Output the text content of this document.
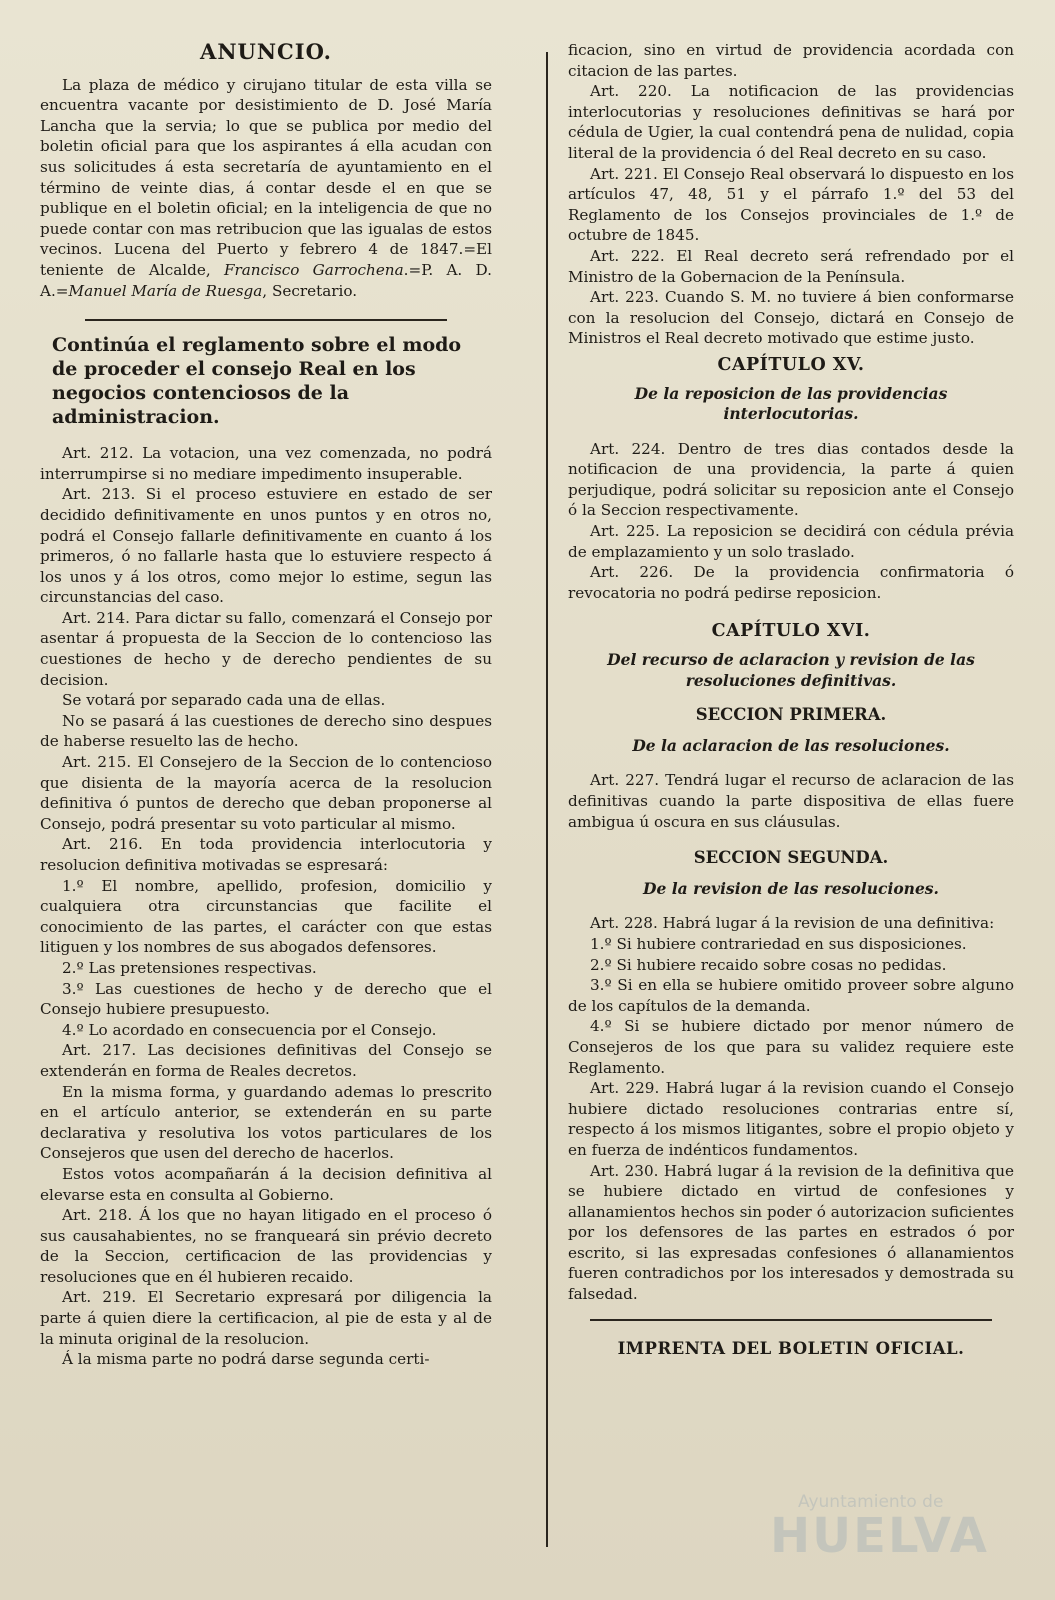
ANUNCIO.

La plaza de médico y cirujano titular de esta villa se encuentra vacante por desistimiento de D. José María Lancha que la servia; lo que se publica por medio del boletin oficial para que los aspirantes á ella acudan con sus solicitudes á esta secretaría de ayuntamiento en el término de veinte dias, á contar desde el en que se publique en el boletin oficial; en la inteligencia de que no puede contar con mas retribucion que las igualas de estos vecinos. Lucena del Puerto y febrero 4 de 1847.=El teniente de Alcalde, Francisco Garrochena.=P. A. D. A.=Manuel María de Ruesga, Secretario.

Continúa el reglamento sobre el modo de proceder el consejo Real en los negocios contenciosos de la administracion.

Art. 212. La votacion, una vez comenzada, no podrá interrumpirse si no mediare impedimento insuperable.

Art. 213. Si el proceso estuviere en estado de ser decidido definitivamente en unos puntos y en otros no, podrá el Consejo fallarle definitivamente en cuanto á los primeros, ó no fallarle hasta que lo estuviere respecto á los unos y á los otros, como mejor lo estime, segun las circunstancias del caso.

Art. 214. Para dictar su fallo, comenzará el Consejo por asentar á propuesta de la Seccion de lo contencioso las cuestiones de hecho y de derecho pendientes de su decision.

Se votará por separado cada una de ellas.

No se pasará á las cuestiones de derecho sino despues de haberse resuelto las de hecho.

Art. 215. El Consejero de la Seccion de lo contencioso que disienta de la mayoría acerca de la resolucion definitiva ó puntos de derecho que deban proponerse al Consejo, podrá presentar su voto particular al mismo.

Art. 216. En toda providencia interlocutoria y resolucion definitiva motivadas se espresará:

1.º El nombre, apellido, profesion, domicilio y cualquiera otra circunstancias que facilite el conocimiento de las partes, el carácter con que estas litiguen y los nombres de sus abogados defensores.

2.º Las pretensiones respectivas.

3.º Las cuestiones de hecho y de derecho que el Consejo hubiere presupuesto.

4.º Lo acordado en consecuencia por el Consejo.

Art. 217. Las decisiones definitivas del Consejo se extenderán en forma de Reales decretos.

En la misma forma, y guardando ademas lo prescrito en el artículo anterior, se extenderán en su parte declarativa y resolutiva los votos particulares de los Consejeros que usen del derecho de hacerlos.

Estos votos acompañarán á la decision definitiva al elevarse esta en consulta al Gobierno.

Art. 218. Á los que no hayan litigado en el proceso ó sus causahabientes, no se franqueará sin prévio decreto de la Seccion, certificacion de las providencias y resoluciones que en él hubieren recaido.

Art. 219. El Secretario expresará por diligencia la parte á quien diere la certificacion, al pie de esta y al de la minuta original de la resolucion.

Á la misma parte no podrá darse segunda certi-

ficacion, sino en virtud de providencia acordada con citacion de las partes.

Art. 220. La notificacion de las providencias interlocutorias y resoluciones definitivas se hará por cédula de Ugier, la cual contendrá pena de nulidad, copia literal de la providencia ó del Real decreto en su caso.

Art. 221. El Consejo Real observará lo dispuesto en los artículos 47, 48, 51 y el párrafo 1.º del 53 del Reglamento de los Consejos provinciales de 1.º de octubre de 1845.

Art. 222. El Real decreto será refrendado por el Ministro de la Gobernacion de la Península.

Art. 223. Cuando S. M. no tuviere á bien conformarse con la resolucion del Consejo, dictará en Consejo de Ministros el Real decreto motivado que estime justo.

CAPÍTULO XV.
De la reposicion de las providencias interlocutorias.

Art. 224. Dentro de tres dias contados desde la notificacion de una providencia, la parte á quien perjudique, podrá solicitar su reposicion ante el Consejo ó la Seccion respectivamente.

Art. 225. La reposicion se decidirá con cédula prévia de emplazamiento y un solo traslado.

Art. 226. De la providencia confirmatoria ó revocatoria no podrá pedirse reposicion.

CAPÍTULO XVI.
Del recurso de aclaracion y revision de las resoluciones definitivas.
SECCION PRIMERA.
De la aclaracion de las resoluciones.

Art. 227. Tendrá lugar el recurso de aclaracion de las definitivas cuando la parte dispositiva de ellas fuere ambigua ú oscura en sus cláusulas.

SECCION SEGUNDA.
De la revision de las resoluciones.

Art. 228. Habrá lugar á la revision de una definitiva:

1.º Si hubiere contrariedad en sus disposiciones.

2.º Si hubiere recaido sobre cosas no pedidas.

3.º Si en ella se hubiere omitido proveer sobre alguno de los capítulos de la demanda.

4.º Si se hubiere dictado por menor número de Consejeros de los que para su validez requiere este Reglamento.

Art. 229. Habrá lugar á la revision cuando el Consejo hubiere dictado resoluciones contrarias entre sí, respecto á los mismos litigantes, sobre el propio objeto y en fuerza de indénticos fundamentos.

Art. 230. Habrá lugar á la revision de la definitiva que se hubiere dictado en virtud de confesiones y allanamientos hechos sin poder ó autorizacion suficientes por los defensores de las partes en estrados ó por escrito, si las expresadas confesiones ó allanamientos fueren contradichos por los interesados y demostrada su falsedad.

IMPRENTA DEL BOLETIN OFICIAL.
Ayuntamiento de
HUELVA
